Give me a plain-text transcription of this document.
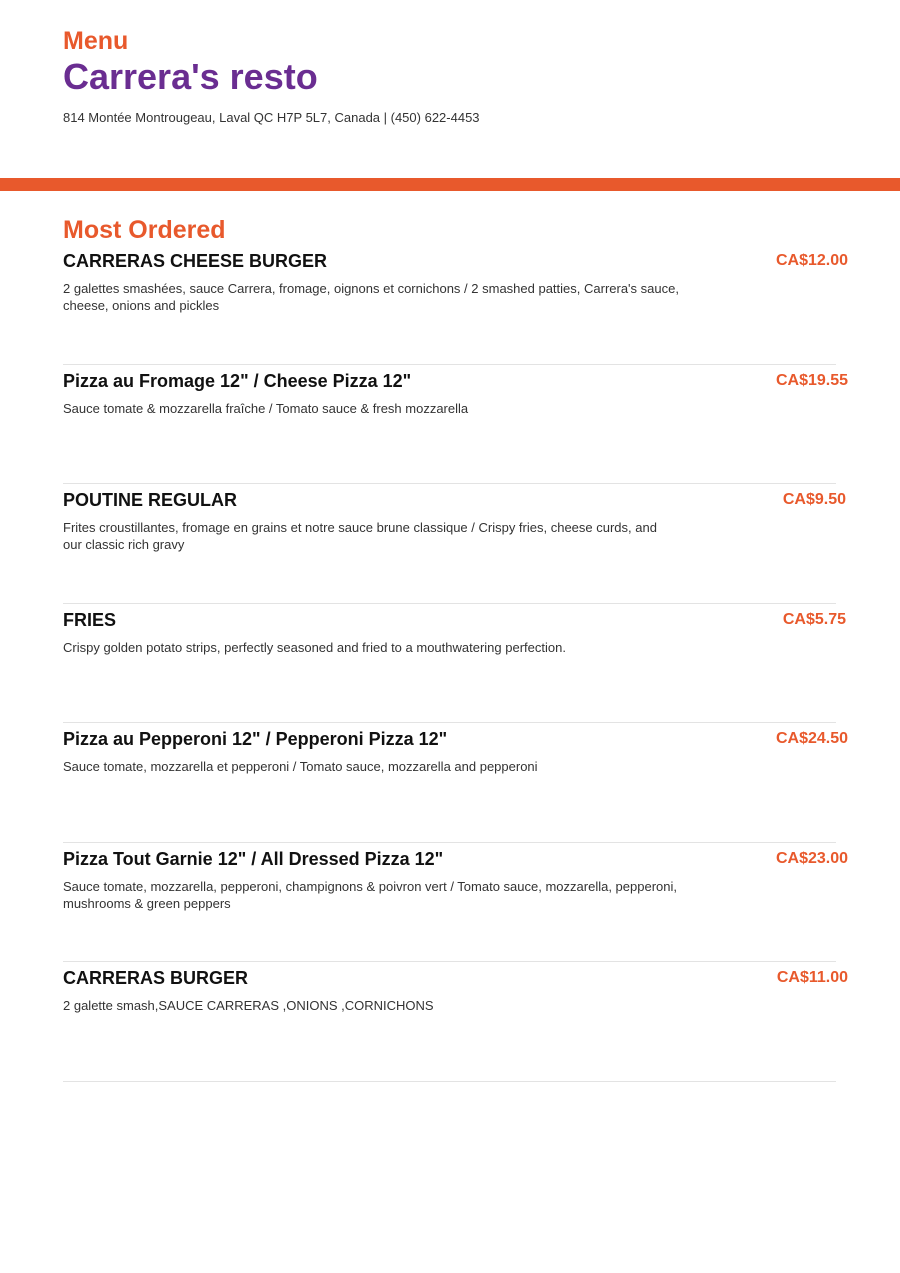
Menu
Carrera's resto
814 Montée Montrougeau, Laval QC H7P 5L7, Canada | (450) 622-4453
Most Ordered
CARRERAS CHEESE BURGER	CA$12.00
2 galettes smashées, sauce Carrera, fromage, oignons et cornichons / 2 smashed patties, Carrera's sauce, cheese, onions and pickles
Pizza au Fromage 12" / Cheese Pizza 12"	CA$19.55
Sauce tomate & mozzarella fraîche / Tomato sauce & fresh mozzarella
POUTINE REGULAR	CA$9.50
Frites croustillantes, fromage en grains et notre sauce brune classique / Crispy fries, cheese curds, and our classic rich gravy
FRIES	CA$5.75
Crispy golden potato strips, perfectly seasoned and fried to a mouthwatering perfection.
Pizza au Pepperoni 12" / Pepperoni Pizza 12"	CA$24.50
Sauce tomate, mozzarella et pepperoni / Tomato sauce, mozzarella and pepperoni
Pizza Tout Garnie 12" / All Dressed Pizza 12"	CA$23.00
Sauce tomate, mozzarella, pepperoni, champignons & poivron vert / Tomato sauce, mozzarella, pepperoni, mushrooms & green peppers
CARRERAS BURGER	CA$11.00
2 galette smash,SAUCE CARRERAS ,ONIONS ,CORNICHONS
